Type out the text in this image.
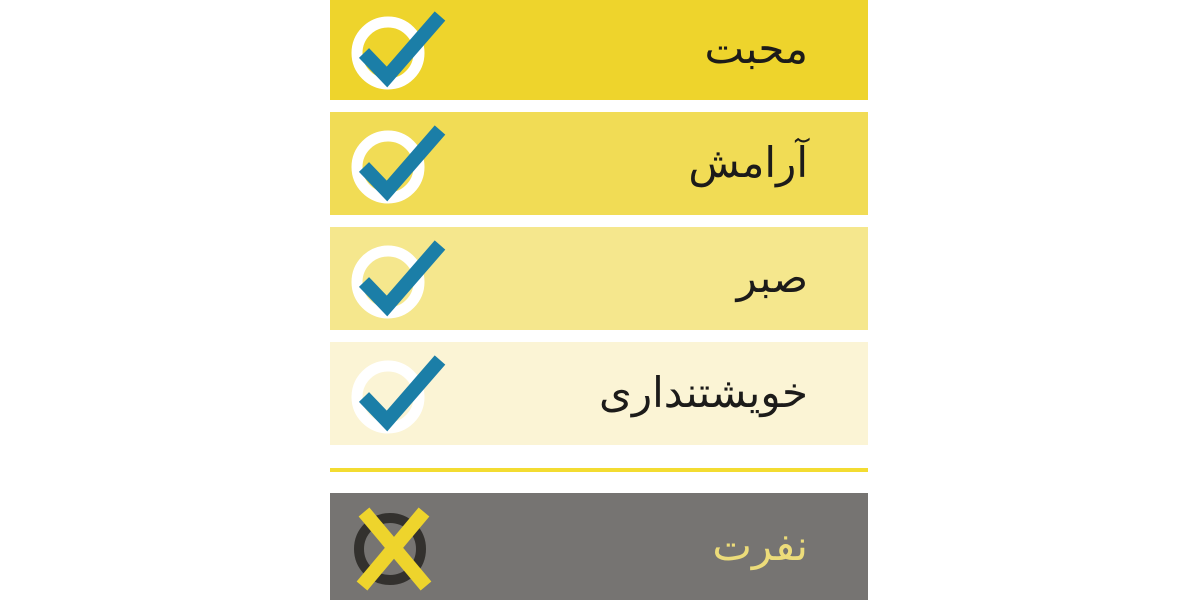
محبت
آرامش
صبر
خویشتنداری
نفرت
